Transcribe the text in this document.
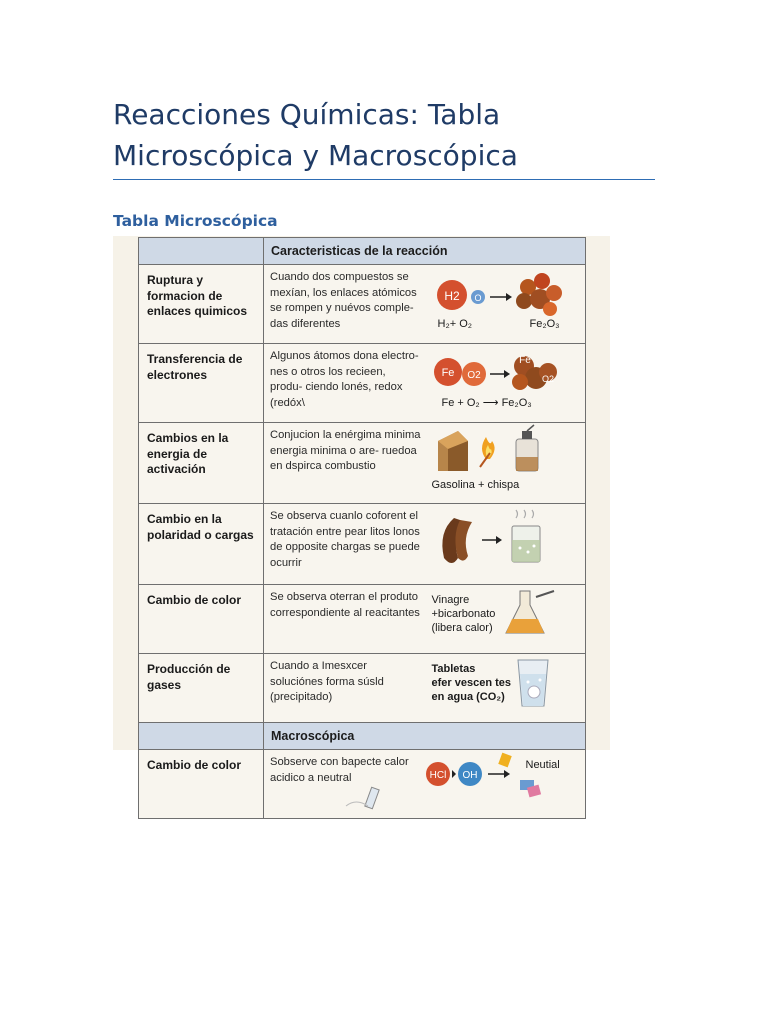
Reacciones Químicas: Tabla Microscópica y Macroscópica
Tabla Microscópica
	Caracteristicas de la reacción	
Ruptura y formacion de enlaces quimicos	Cuando dos compuestos se mexían, los enlaces atómicos se rompen y nuévos comple- das diferentes	H2 O
H₂+ O₂ Fe₂O₃

Transferencia de electrones	Algunos átomos dona electro- nes o otros los recieen, produ- ciendo lonés, redox (redóx\	Fe O2
Fe
O2
Fe + O₂ ⟶ Fe₂O₃

Cambios en la energia de activación	Conjucion la enérgima minima energia minima o are- ruedoa en dspirca combustio	Gasolina + chispa

Cambio en la polaridad o cargas	Se observa cuanlo coforent el tratación entre pear litos lonos de opposite chargas se puede ocurrir	

Cambio de color	Se observa oterran el produto correspondiente al reacitantes	Vinagre
+bicarbonato
(libera calor)

Producción de gases	Cuando a Imesxcer soluciónes forma súsld (precipitado)	Tabletas
efer vescen tes
en agua (CO₂)

	Macroscópica	
Cambio de color	Sobserve con bapecte calor acidico a neutral	HCl OH
Neutial
